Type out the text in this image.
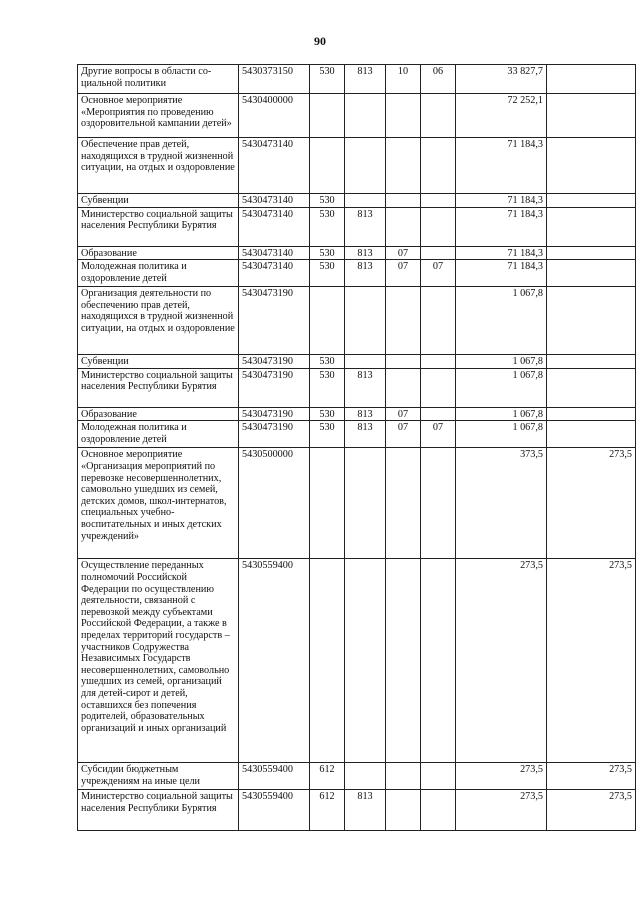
90
Другие вопросы в области со-циальной политики	5430373150	530	813	10	06	33 827,7	
Основное мероприятие «Мероприятия по проведению оздоровительной кампании детей»	5430400000					72 252,1	
Обеспечение прав детей, находящихся в трудной жизненной ситуации, на отдых и оздоровление	5430473140					71 184,3	
Субвенции	5430473140	530				71 184,3	
Министерство социальной защиты населения Республики Бурятия	5430473140	530	813			71 184,3	
Образование	5430473140	530	813	07		71 184,3	
Молодежная политика и оздоровление детей	5430473140	530	813	07	07	71 184,3	
Организация деятельности по обеспечению прав детей, находящихся в трудной жизненной ситуации, на отдых и оздоровление	5430473190					1 067,8	
Субвенции	5430473190	530				1 067,8	
Министерство социальной защиты населения Республики Бурятия	5430473190	530	813			1 067,8	
Образование	5430473190	530	813	07		1 067,8	
Молодежная политика и оздоровление детей	5430473190	530	813	07	07	1 067,8	
Основное мероприятие «Организация мероприятий по перевозке несовершеннолетних, самовольно ушедших из семей, детских домов, школ-интернатов, специальных учебно-воспитательных и иных детских учреждений»	5430500000					373,5	273,5
Осуществление переданных полномочий Российской Федерации по осуществлению деятельности, связанной с перевозкой между субъектами Российской Федерации, а также в пределах территорий государств – участников Содружества Независимых Государств несовершеннолетних, самовольно ушедших из семей, организаций для детей-сирот и детей, оставшихся без попечения родителей, образовательных организаций и иных организаций	5430559400					273,5	273,5
Субсидии бюджетным учреждениям на иные цели	5430559400	612				273,5	273,5
Министерство социальной защиты населения Республики Бурятия	5430559400	612	813			273,5	273,5
